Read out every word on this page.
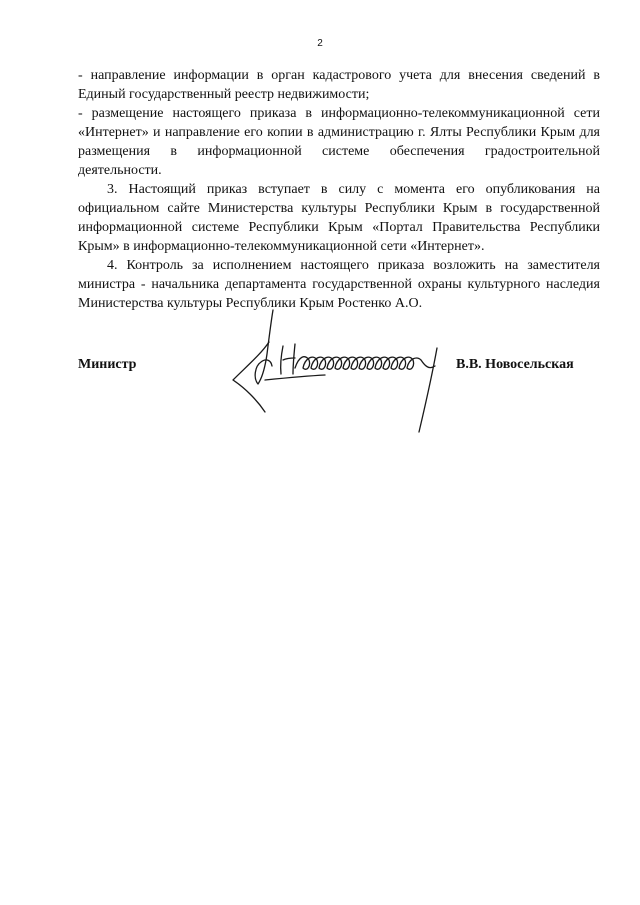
2

- направление информации в орган кадастрового учета для внесения сведений в Единый государственный реестр недвижимости;

- размещение настоящего приказа в информационно-телекоммуникационной сети «Интернет» и направление его копии в администрацию г. Ялты Республики Крым для размещения в информационной системе обеспечения градостроительной деятельности.

3. Настоящий приказ вступает в силу с момента его опубликования на официальном сайте Министерства культуры Республики Крым в государственной информационной системе Республики Крым «Портал Правительства Республики Крым» в информационно-телекоммуникационной сети «Интернет».

4. Контроль за исполнением настоящего приказа возложить на заместителя министра - начальника департамента государственной охраны культурного наследия Министерства культуры Республики Крым Ростенко А.О.

Министр	В.В. Новосельская
